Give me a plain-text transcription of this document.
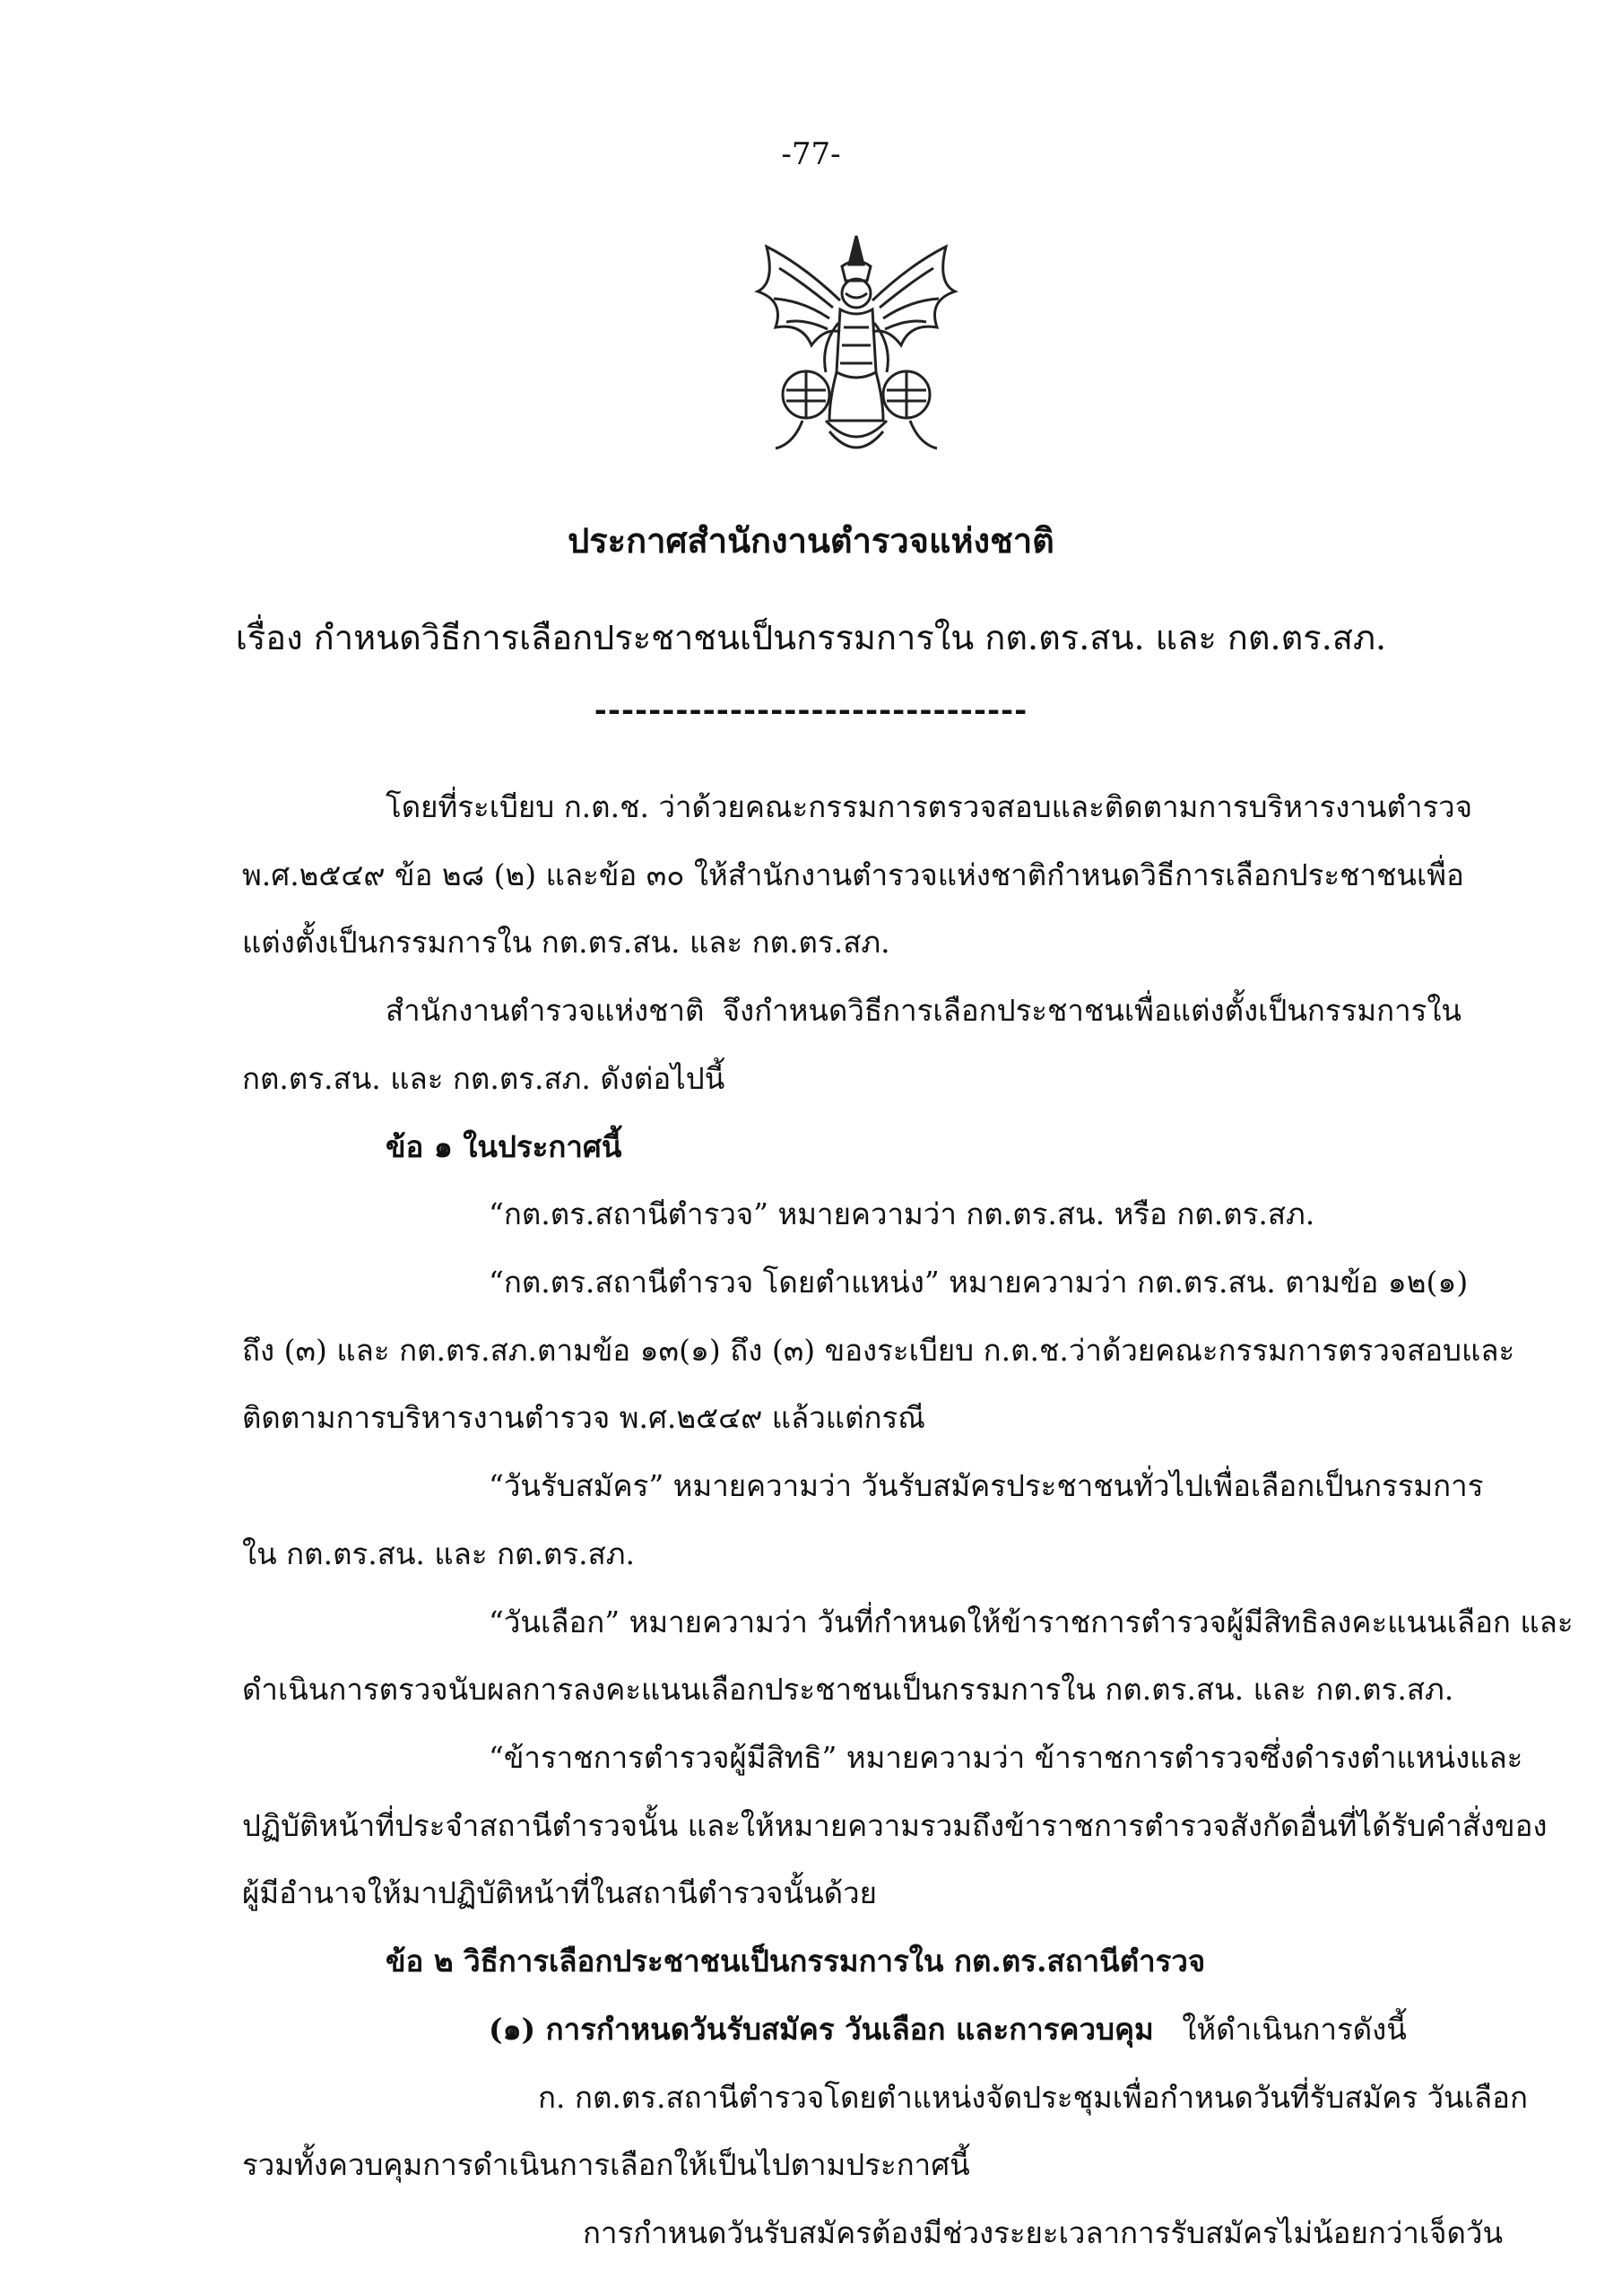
-77-
ประกาศสำนักงานตำรวจแห่งชาติ
เรื่อง กำหนดวิธีการเลือกประชาชนเป็นกรรมการใน กต.ตร.สน. และ กต.ตร.สภ.
--------------------------------
โดยที่ระเบียบ ก.ต.ช. ว่าด้วยคณะกรรมการตรวจสอบและติดตามการบริหารงานตำรวจ
พ.ศ.๒๕๔๙ ข้อ ๒๘ (๒) และข้อ ๓๐ ให้สำนักงานตำรวจแห่งชาติกำหนดวิธีการเลือกประชาชนเพื่อ
แต่งตั้งเป็นกรรมการใน กต.ตร.สน. และ กต.ตร.สภ.
สำนักงานตำรวจแห่งชาติ จึงกำหนดวิธีการเลือกประชาชนเพื่อแต่งตั้งเป็นกรรมการใน
กต.ตร.สน. และ กต.ตร.สภ. ดังต่อไปนี้
ข้อ ๑ ในประกาศนี้
“กต.ตร.สถานีตำรวจ” หมายความว่า กต.ตร.สน. หรือ กต.ตร.สภ.
“กต.ตร.สถานีตำรวจ โดยตำแหน่ง” หมายความว่า กต.ตร.สน. ตามข้อ ๑๒(๑)
ถึง (๓) และ กต.ตร.สภ.ตามข้อ ๑๓(๑) ถึง (๓) ของระเบียบ ก.ต.ช.ว่าด้วยคณะกรรมการตรวจสอบและ
ติดตามการบริหารงานตำรวจ พ.ศ.๒๕๔๙ แล้วแต่กรณี
“วันรับสมัคร” หมายความว่า วันรับสมัครประชาชนทั่วไปเพื่อเลือกเป็นกรรมการ
ใน กต.ตร.สน. และ กต.ตร.สภ.
“วันเลือก” หมายความว่า วันที่กำหนดให้ข้าราชการตำรวจผู้มีสิทธิลงคะแนนเลือก และ
ดำเนินการตรวจนับผลการลงคะแนนเลือกประชาชนเป็นกรรมการใน กต.ตร.สน. และ กต.ตร.สภ.
“ข้าราชการตำรวจผู้มีสิทธิ” หมายความว่า ข้าราชการตำรวจซึ่งดำรงตำแหน่งและ
ปฏิบัติหน้าที่ประจำสถานีตำรวจนั้น และให้หมายความรวมถึงข้าราชการตำรวจสังกัดอื่นที่ได้รับคำสั่งของ
ผู้มีอำนาจให้มาปฏิบัติหน้าที่ในสถานีตำรวจนั้นด้วย
ข้อ ๒ วิธีการเลือกประชาชนเป็นกรรมการใน กต.ตร.สถานีตำรวจ
(๑) การกำหนดวันรับสมัคร วันเลือก และการควบคุม ให้ดำเนินการดังนี้
ก. กต.ตร.สถานีตำรวจโดยตำแหน่งจัดประชุมเพื่อกำหนดวันที่รับสมัคร วันเลือก
รวมทั้งควบคุมการดำเนินการเลือกให้เป็นไปตามประกาศนี้
การกำหนดวันรับสมัครต้องมีช่วงระยะเวลาการรับสมัครไม่น้อยกว่าเจ็ดวัน
